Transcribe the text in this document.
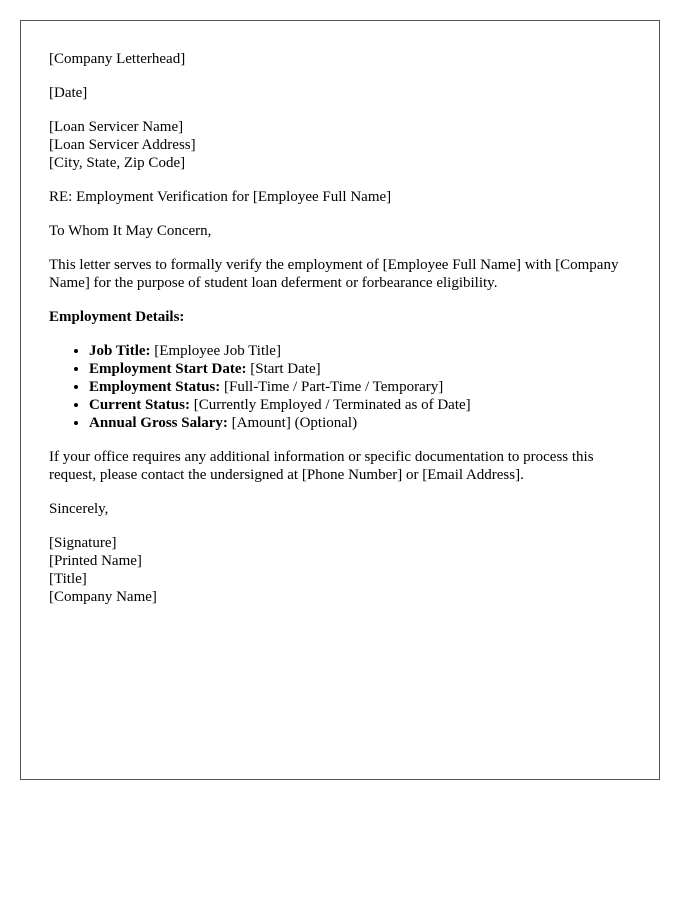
[Company Letterhead]

[Date]

[Loan Servicer Name]
[Loan Servicer Address]
[City, State, Zip Code]

RE: Employment Verification for [Employee Full Name]

To Whom It May Concern,

This letter serves to formally verify the employment of [Employee Full Name] with [Company Name] for the purpose of student loan deferment or forbearance eligibility.

Employment Details:

• Job Title: [Employee Job Title]
• Employment Start Date: [Start Date]
• Employment Status: [Full-Time / Part-Time / Temporary]
• Current Status: [Currently Employed / Terminated as of Date]
• Annual Gross Salary: [Amount] (Optional)

If your office requires any additional information or specific documentation to process this request, please contact the undersigned at [Phone Number] or [Email Address].

Sincerely,

[Signature]
[Printed Name]
[Title]
[Company Name]
